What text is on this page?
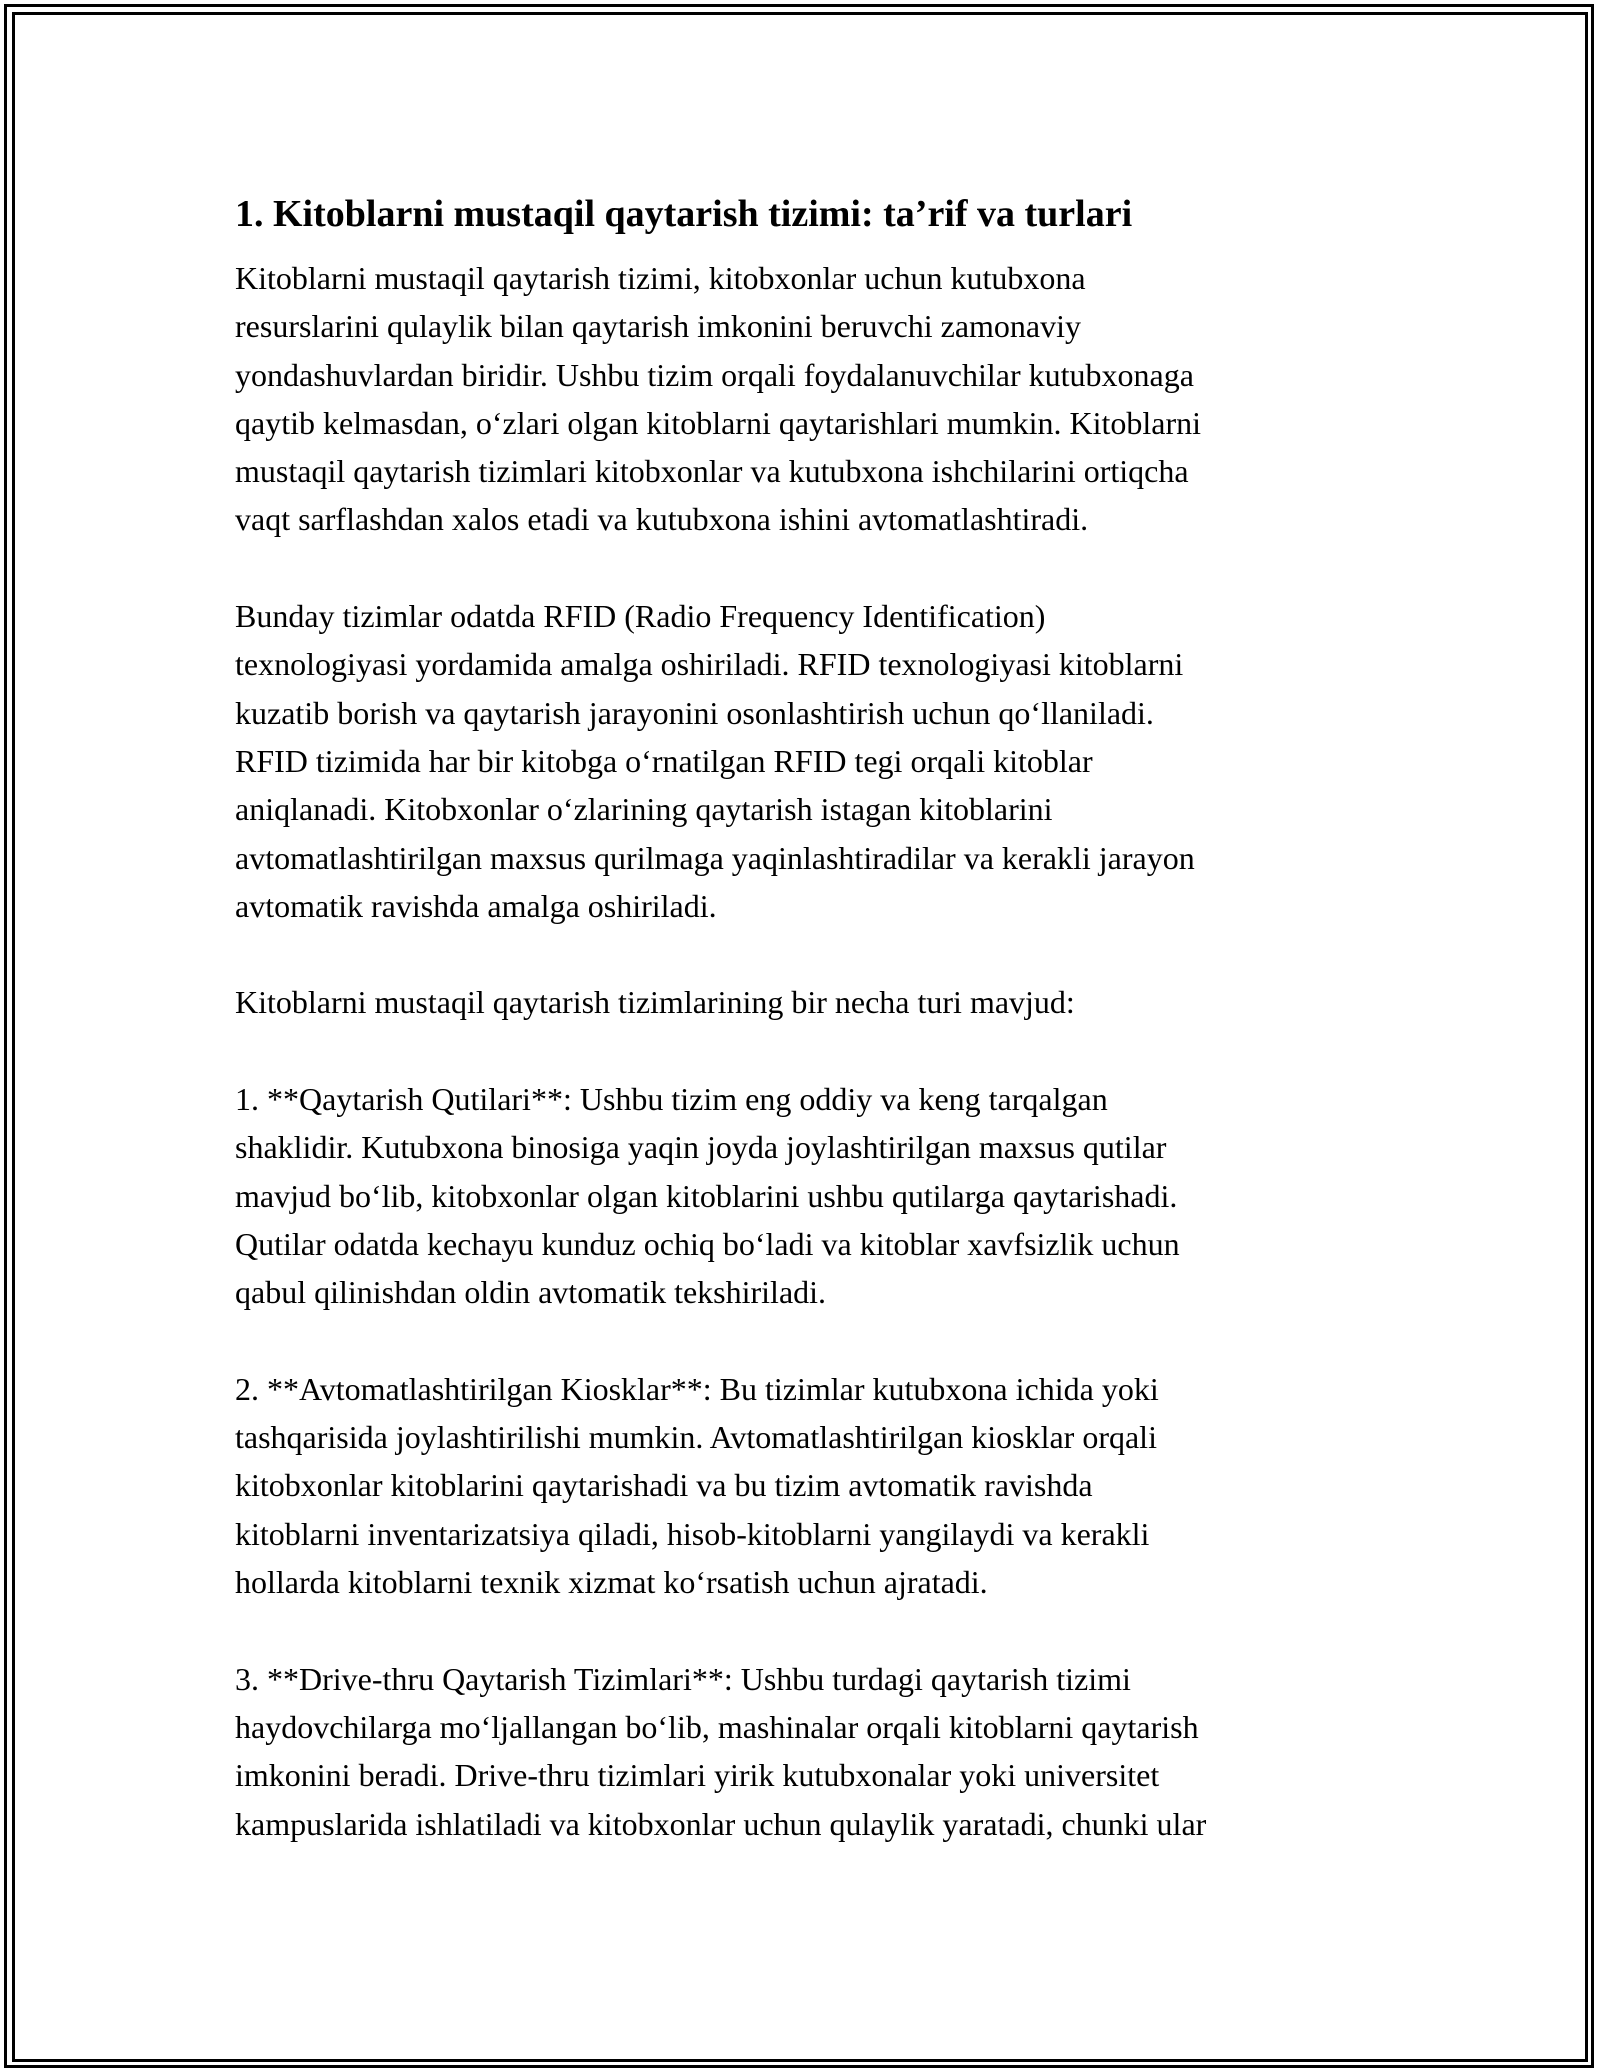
1. Kitoblarni mustaqil qaytarish tizimi: ta’rif va turlari

Kitoblarni mustaqil qaytarish tizimi, kitobxonlar uchun kutubxona
resurslarini qulaylik bilan qaytarish imkonini beruvchi zamonaviy
yondashuvlardan biridir. Ushbu tizim orqali foydalanuvchilar kutubxonaga
qaytib kelmasdan, o‘zlari olgan kitoblarni qaytarishlari mumkin. Kitoblarni
mustaqil qaytarish tizimlari kitobxonlar va kutubxona ishchilarini ortiqcha
vaqt sarflashdan xalos etadi va kutubxona ishini avtomatlashtiradi.

Bunday tizimlar odatda RFID (Radio Frequency Identification)
texnologiyasi yordamida amalga oshiriladi. RFID texnologiyasi kitoblarni
kuzatib borish va qaytarish jarayonini osonlashtirish uchun qo‘llaniladi.
RFID tizimida har bir kitobga o‘rnatilgan RFID tegi orqali kitoblar
aniqlanadi. Kitobxonlar o‘zlarining qaytarish istagan kitoblarini
avtomatlashtirilgan maxsus qurilmaga yaqinlashtiradilar va kerakli jarayon
avtomatik ravishda amalga oshiriladi.

Kitoblarni mustaqil qaytarish tizimlarining bir necha turi mavjud:

1. **Qaytarish Qutilari**: Ushbu tizim eng oddiy va keng tarqalgan
shaklidir. Kutubxona binosiga yaqin joyda joylashtirilgan maxsus qutilar
mavjud bo‘lib, kitobxonlar olgan kitoblarini ushbu qutilarga qaytarishadi.
Qutilar odatda kechayu kunduz ochiq bo‘ladi va kitoblar xavfsizlik uchun
qabul qilinishdan oldin avtomatik tekshiriladi.

2. **Avtomatlashtirilgan Kiosklar**: Bu tizimlar kutubxona ichida yoki
tashqarisida joylashtirilishi mumkin. Avtomatlashtirilgan kiosklar orqali
kitobxonlar kitoblarini qaytarishadi va bu tizim avtomatik ravishda
kitoblarni inventarizatsiya qiladi, hisob-kitoblarni yangilaydi va kerakli
hollarda kitoblarni texnik xizmat ko‘rsatish uchun ajratadi.

3. **Drive-thru Qaytarish Tizimlari**: Ushbu turdagi qaytarish tizimi
haydovchilarga mo‘ljallangan bo‘lib, mashinalar orqali kitoblarni qaytarish
imkonini beradi. Drive-thru tizimlari yirik kutubxonalar yoki universitet
kampuslarida ishlatiladi va kitobxonlar uchun qulaylik yaratadi, chunki ular
